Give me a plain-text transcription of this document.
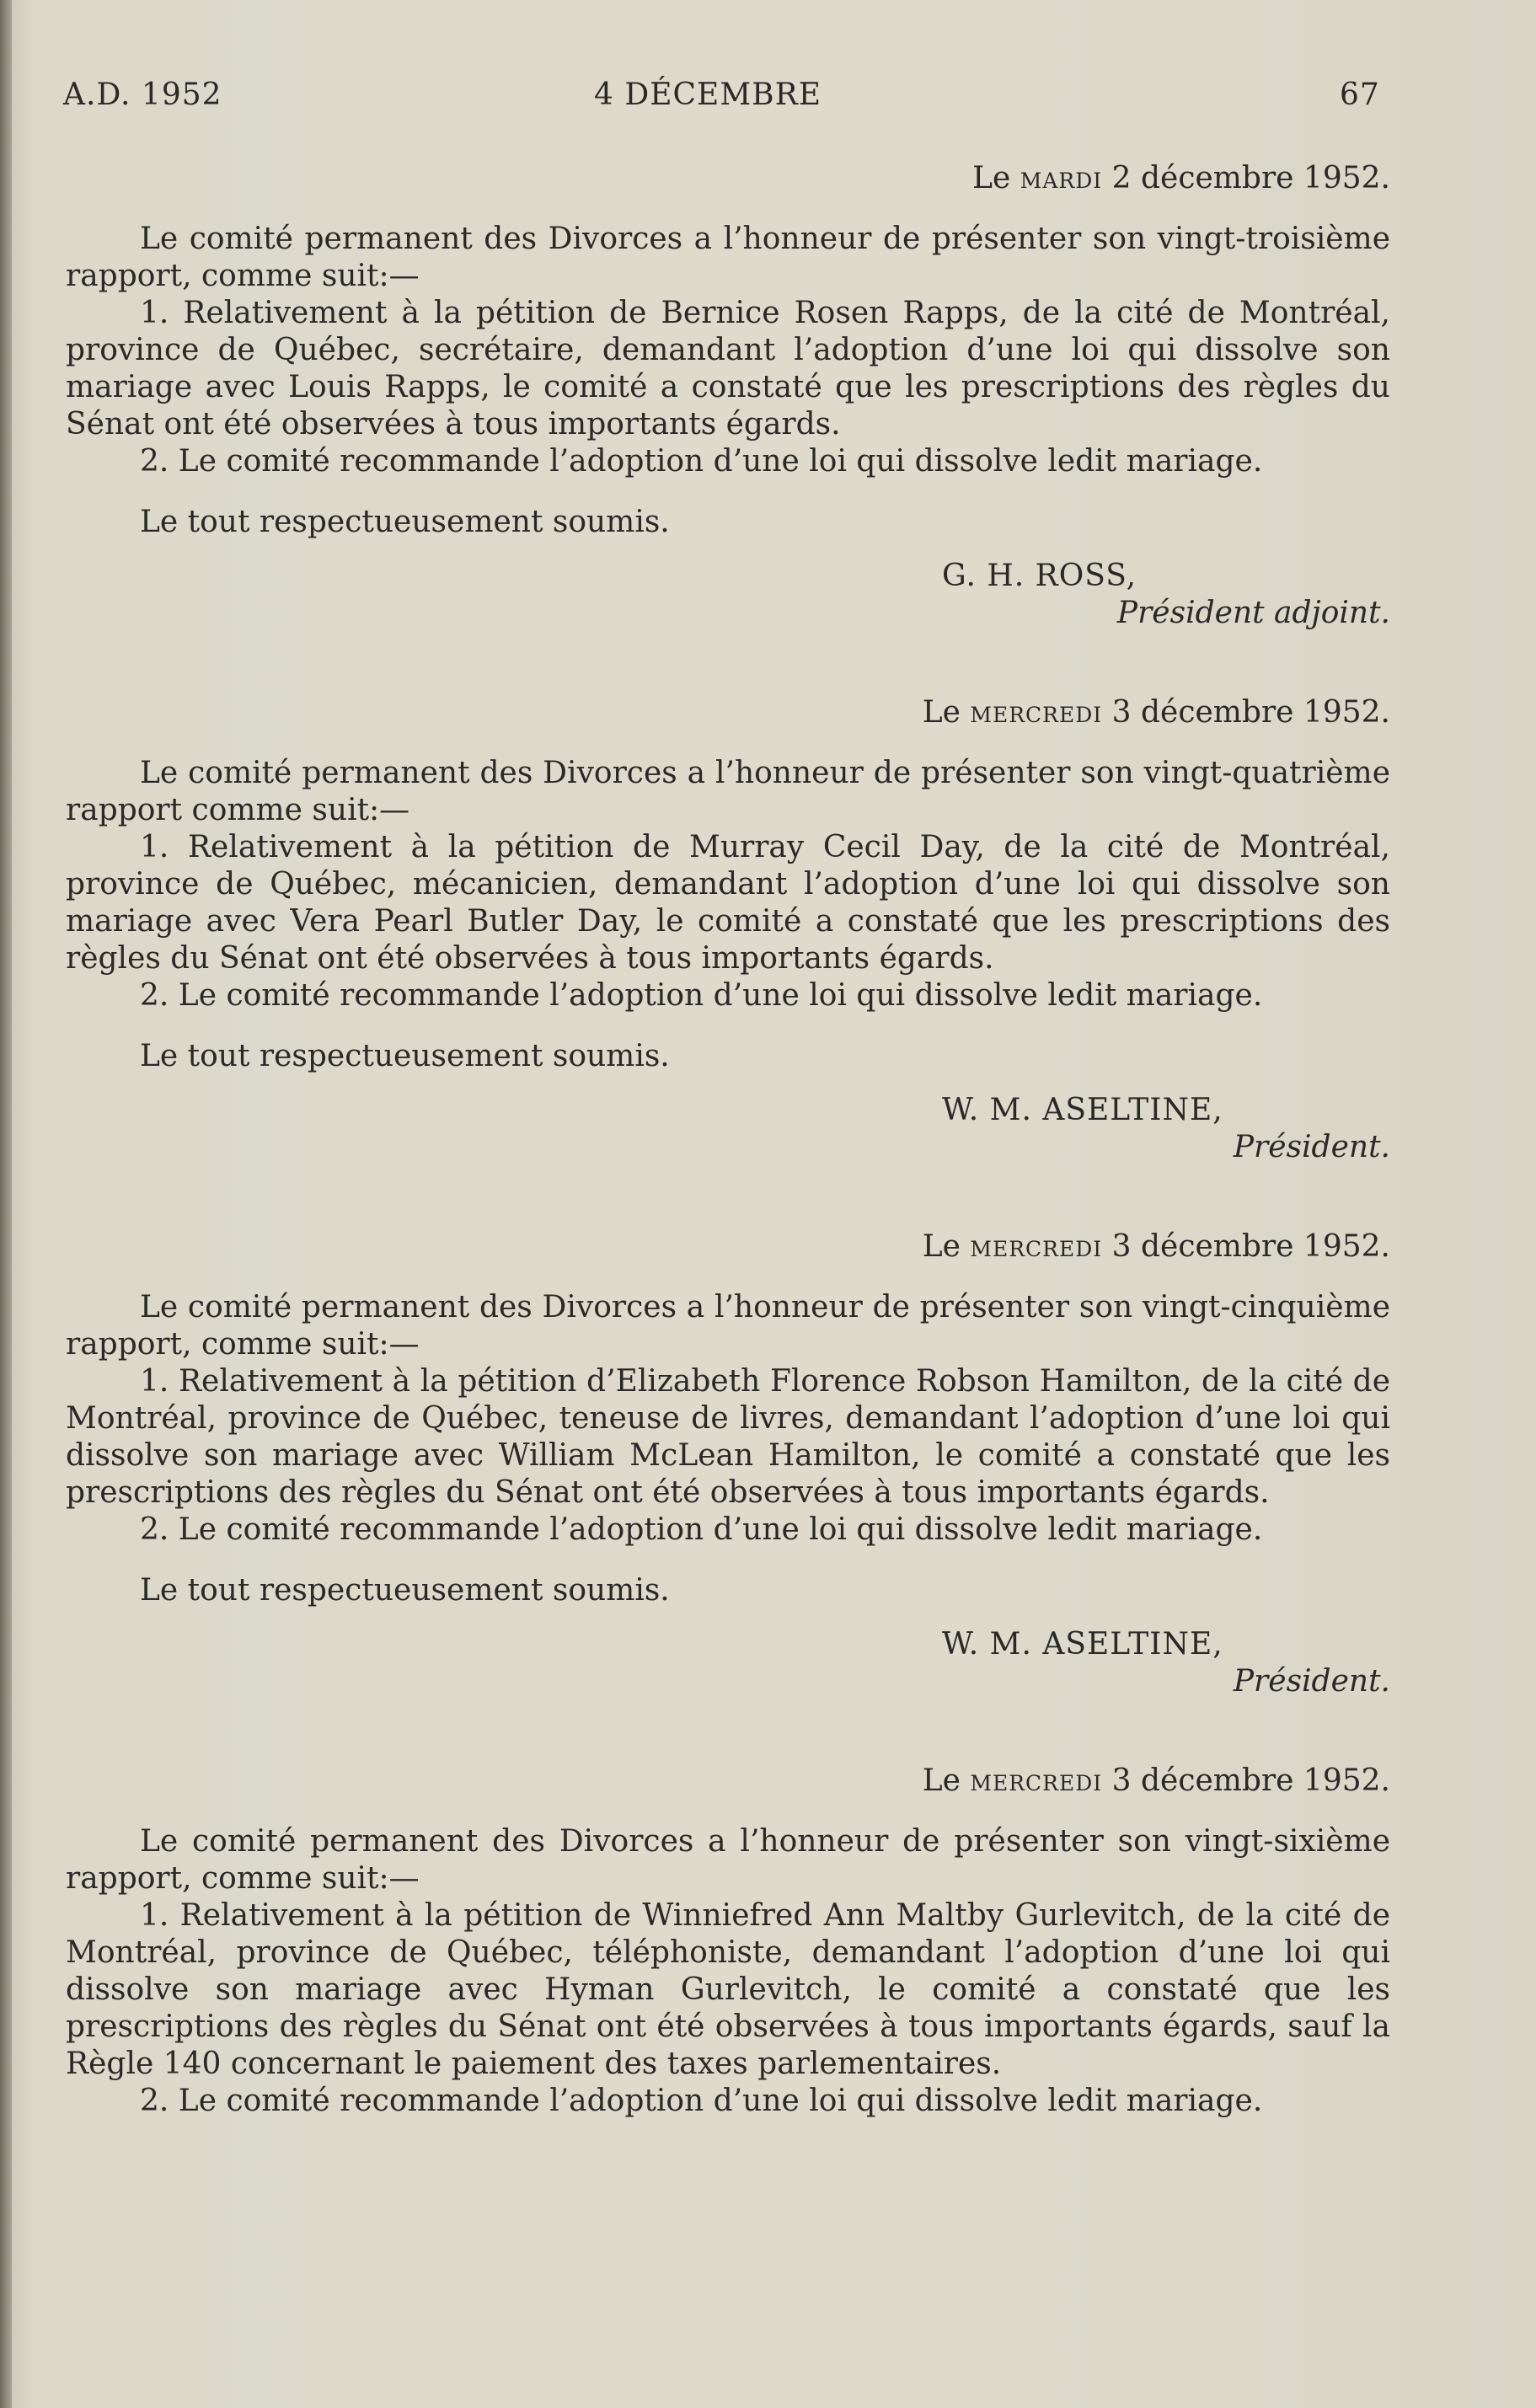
A.D. 1952	4 DÉCEMBRE	67
Le mardi 2 décembre 1952.

Le comité permanent des Divorces a l’honneur de présenter son vingt-troisième rapport, comme suit:—

1. Relativement à la pétition de Bernice Rosen Rapps, de la cité de Montréal, province de Québec, secrétaire, demandant l’adoption d’une loi qui dissolve son mariage avec Louis Rapps, le comité a constaté que les prescriptions des règles du Sénat ont été observées à tous importants égards.

2. Le comité recommande l’adoption d’une loi qui dissolve ledit mariage.

Le tout respectueusement soumis.
G. H. ROSS,
Président adjoint.
Le mercredi 3 décembre 1952.

Le comité permanent des Divorces a l’honneur de présenter son vingt-quatrième rapport comme suit:—

1. Relativement à la pétition de Murray Cecil Day, de la cité de Montréal, province de Québec, mécanicien, demandant l’adoption d’une loi qui dissolve son mariage avec Vera Pearl Butler Day, le comité a constaté que les prescriptions des règles du Sénat ont été observées à tous importants égards.

2. Le comité recommande l’adoption d’une loi qui dissolve ledit mariage.

Le tout respectueusement soumis.
W. M. ASELTINE,
Président.
Le mercredi 3 décembre 1952.

Le comité permanent des Divorces a l’honneur de présenter son vingt-cinquième rapport, comme suit:—

1. Relativement à la pétition d’Elizabeth Florence Robson Hamilton, de la cité de Montréal, province de Québec, teneuse de livres, demandant l’adoption d’une loi qui dissolve son mariage avec William McLean Hamilton, le comité a constaté que les prescriptions des règles du Sénat ont été observées à tous importants égards.

2. Le comité recommande l’adoption d’une loi qui dissolve ledit mariage.

Le tout respectueusement soumis.
W. M. ASELTINE,
Président.
Le mercredi 3 décembre 1952.

Le comité permanent des Divorces a l’honneur de présenter son vingt-sixième rapport, comme suit:—

1. Relativement à la pétition de Winniefred Ann Maltby Gurlevitch, de la cité de Montréal, province de Québec, téléphoniste, demandant l’adoption d’une loi qui dissolve son mariage avec Hyman Gurlevitch, le comité a constaté que les prescriptions des règles du Sénat ont été observées à tous importants égards, sauf la Règle 140 concernant le paiement des taxes parlementaires.

2. Le comité recommande l’adoption d’une loi qui dissolve ledit mariage.
